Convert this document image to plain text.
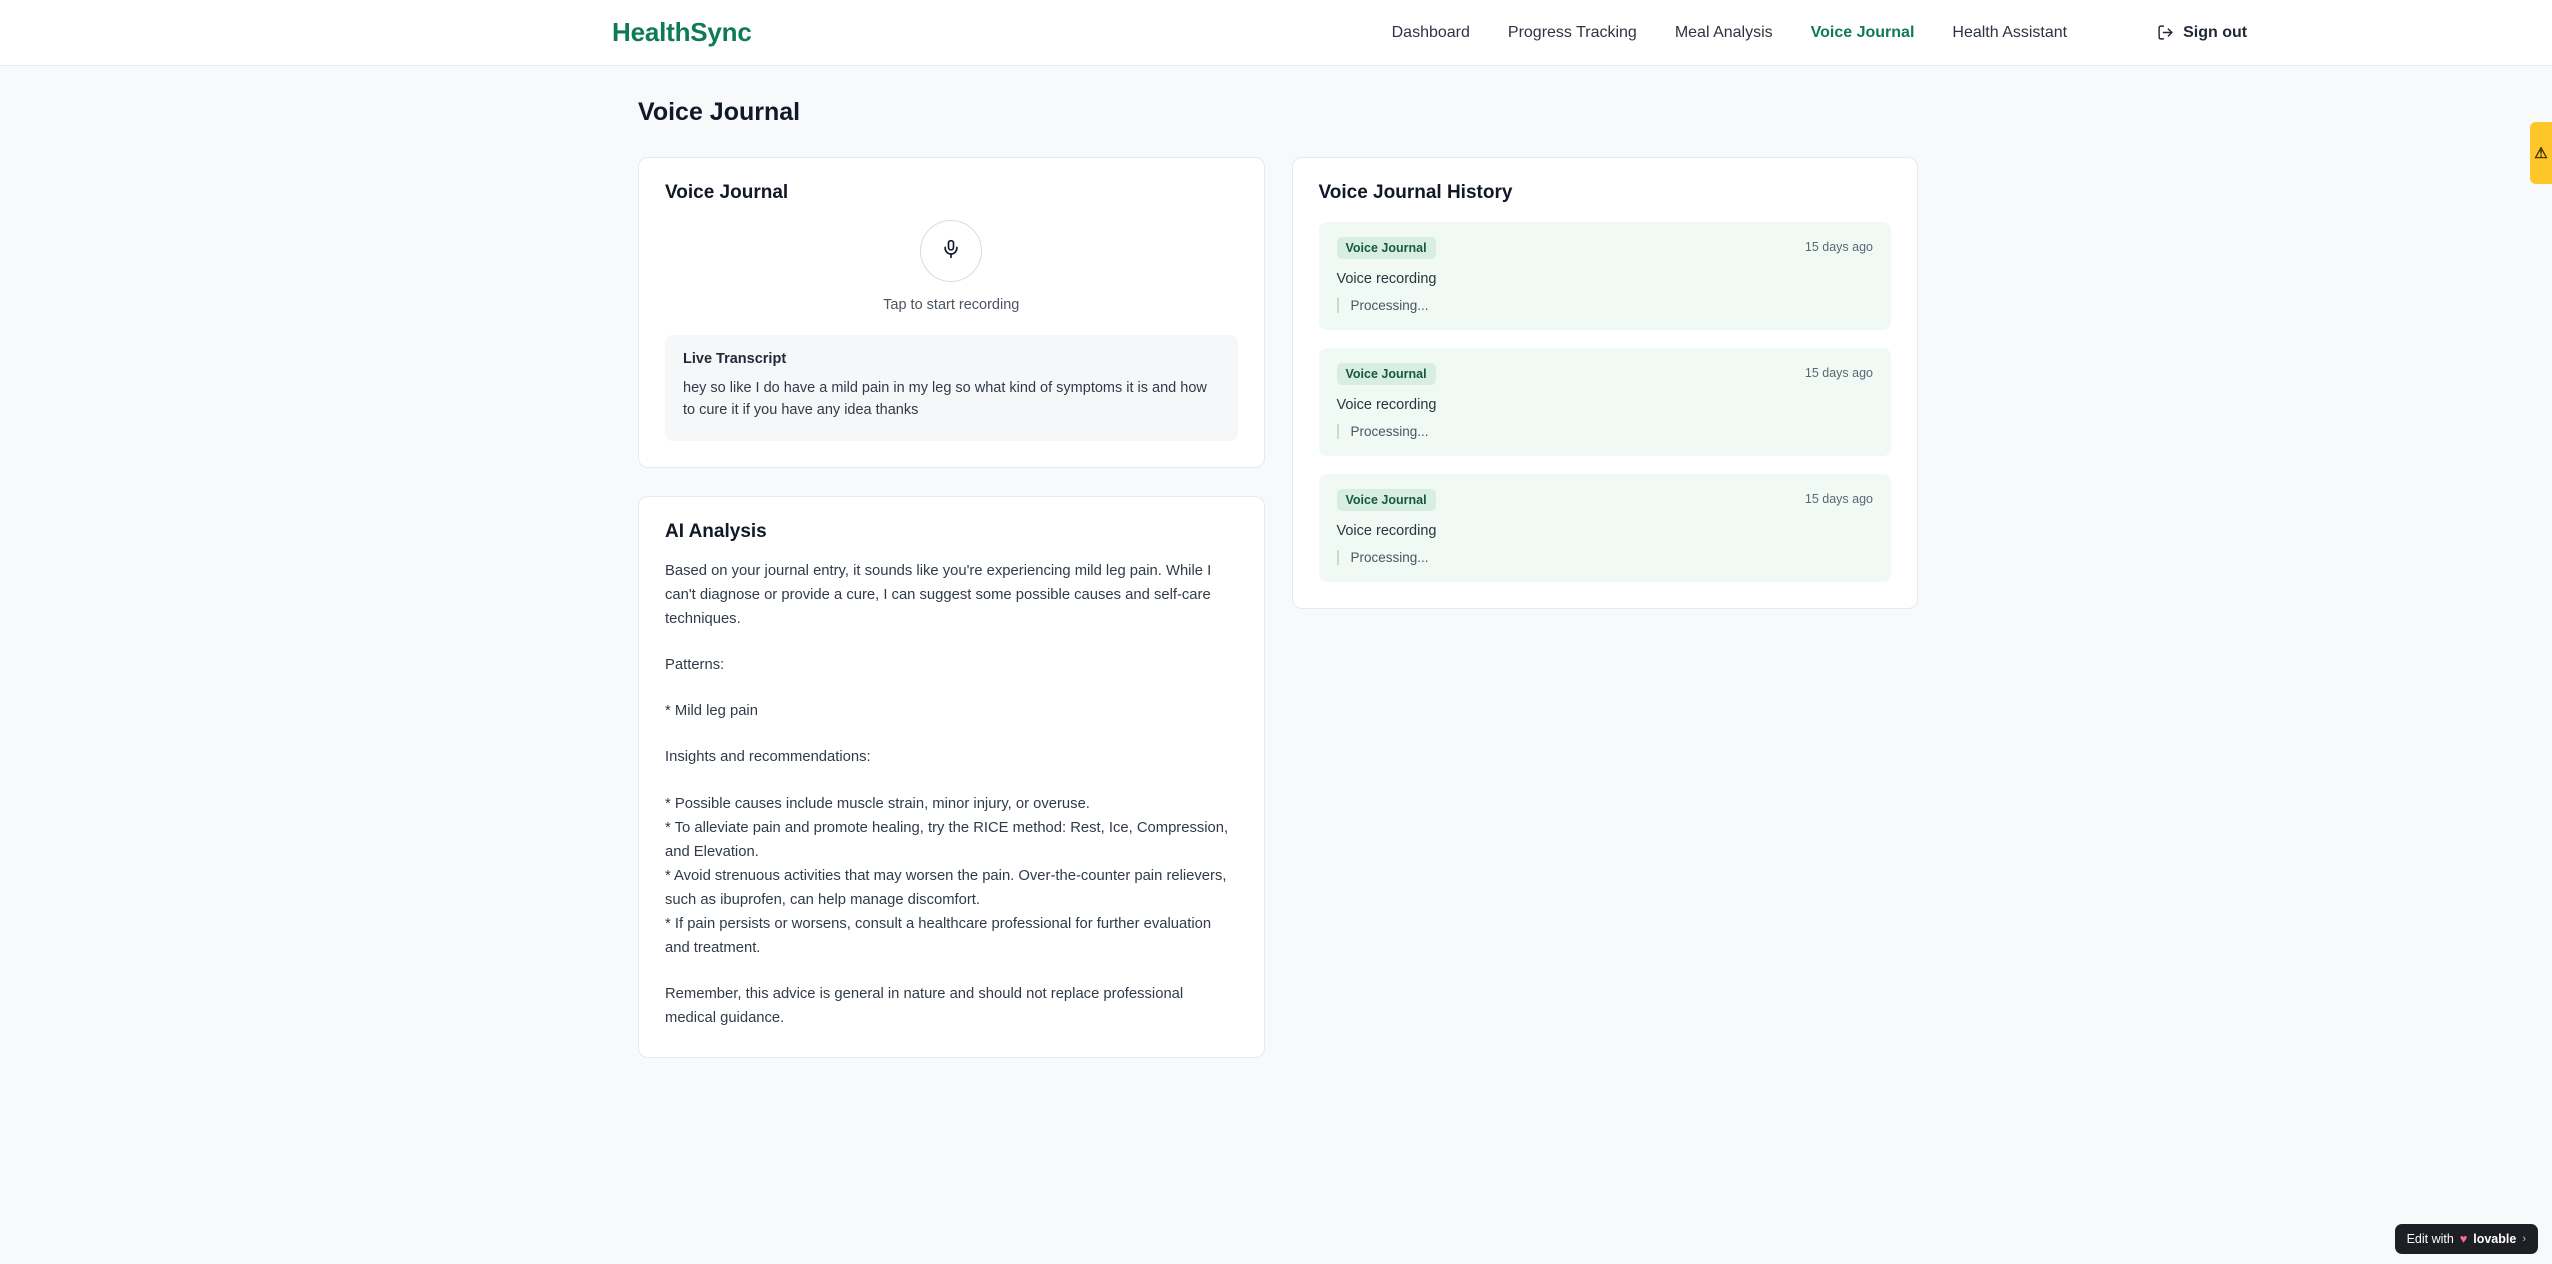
HealthSync	Dashboard Progress Tracking Meal Analysis Voice Journal Health Assistant	Sign out
Voice Journal
Voice Journal
Tap to start recording
Live Transcript
hey so like I do have a mild pain in my leg so what kind of symptoms it is and how to cure it if you have any idea thanks
AI Analysis

Based on your journal entry, it sounds like you're experiencing mild leg pain. While I can't diagnose or provide a cure, I can suggest some possible causes and self-care techniques.

Patterns:

* Mild leg pain

Insights and recommendations:

* Possible causes include muscle strain, minor injury, or overuse.
* To alleviate pain and promote healing, try the RICE method: Rest, Ice, Compression, and Elevation.
* Avoid strenuous activities that may worsen the pain. Over-the-counter pain relievers, such as ibuprofen, can help manage discomfort.
* If pain persists or worsens, consult a healthcare professional for further evaluation and treatment.

Remember, this advice is general in nature and should not replace professional medical guidance.

Voice Journal History
Voice Journal	15 days ago
Voice recording
Processing...
Voice Journal	15 days ago
Voice recording
Processing...
Voice Journal	15 days ago
Voice recording
Processing...
⚠
Edit with ♥ lovable ›
